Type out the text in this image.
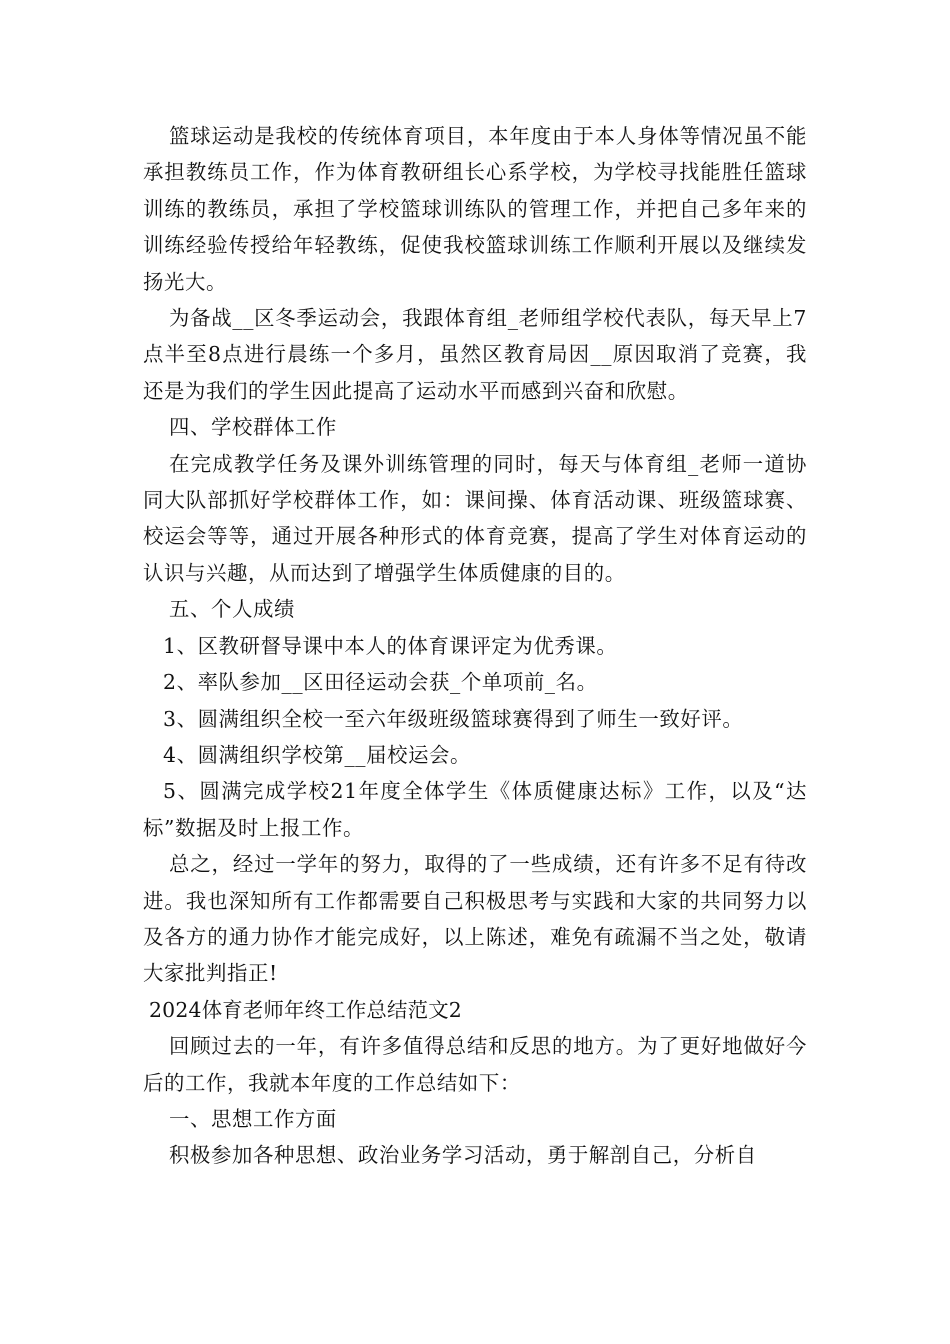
篮球运动是我校的传统体育项目，本年度由于本人身体等情况虽不能承担教练员工作，作为体育教研组长心系学校，为学校寻找能胜任篮球训练的教练员，承担了学校篮球训练队的管理工作，并把自己多年来的训练经验传授给年轻教练，促使我校篮球训练工作顺利开展以及继续发扬光大。

为备战__区冬季运动会，我跟体育组_老师组学校代表队，每天早上7点半至8点进行晨练一个多月，虽然区教育局因__原因取消了竞赛，我还是为我们的学生因此提高了运动水平而感到兴奋和欣慰。

四、学校群体工作

在完成教学任务及课外训练管理的同时，每天与体育组_老师一道协同大队部抓好学校群体工作，如：课间操、体育活动课、班级篮球赛、校运会等等，通过开展各种形式的体育竞赛，提高了学生对体育运动的认识与兴趣，从而达到了增强学生体质健康的目的。

五、个人成绩

1、区教研督导课中本人的体育课评定为优秀课。

2、率队参加__区田径运动会获_个单项前_名。

3、圆满组织全校一至六年级班级篮球赛得到了师生一致好评。

4、圆满组织学校第__届校运会。

5、圆满完成学校21年度全体学生《体质健康达标》工作，以及“达标”数据及时上报工作。

总之，经过一学年的努力，取得的了一些成绩，还有许多不足有待改进。我也深知所有工作都需要自己积极思考与实践和大家的共同努力以及各方的通力协作才能完成好，以上陈述，难免有疏漏不当之处，敬请大家批判指正!

2024体育老师年终工作总结范文2

回顾过去的一年，有许多值得总结和反思的地方。为了更好地做好今后的工作，我就本年度的工作总结如下：

一、思想工作方面

积极参加各种思想、政治业务学习活动，勇于解剖自己，分析自
